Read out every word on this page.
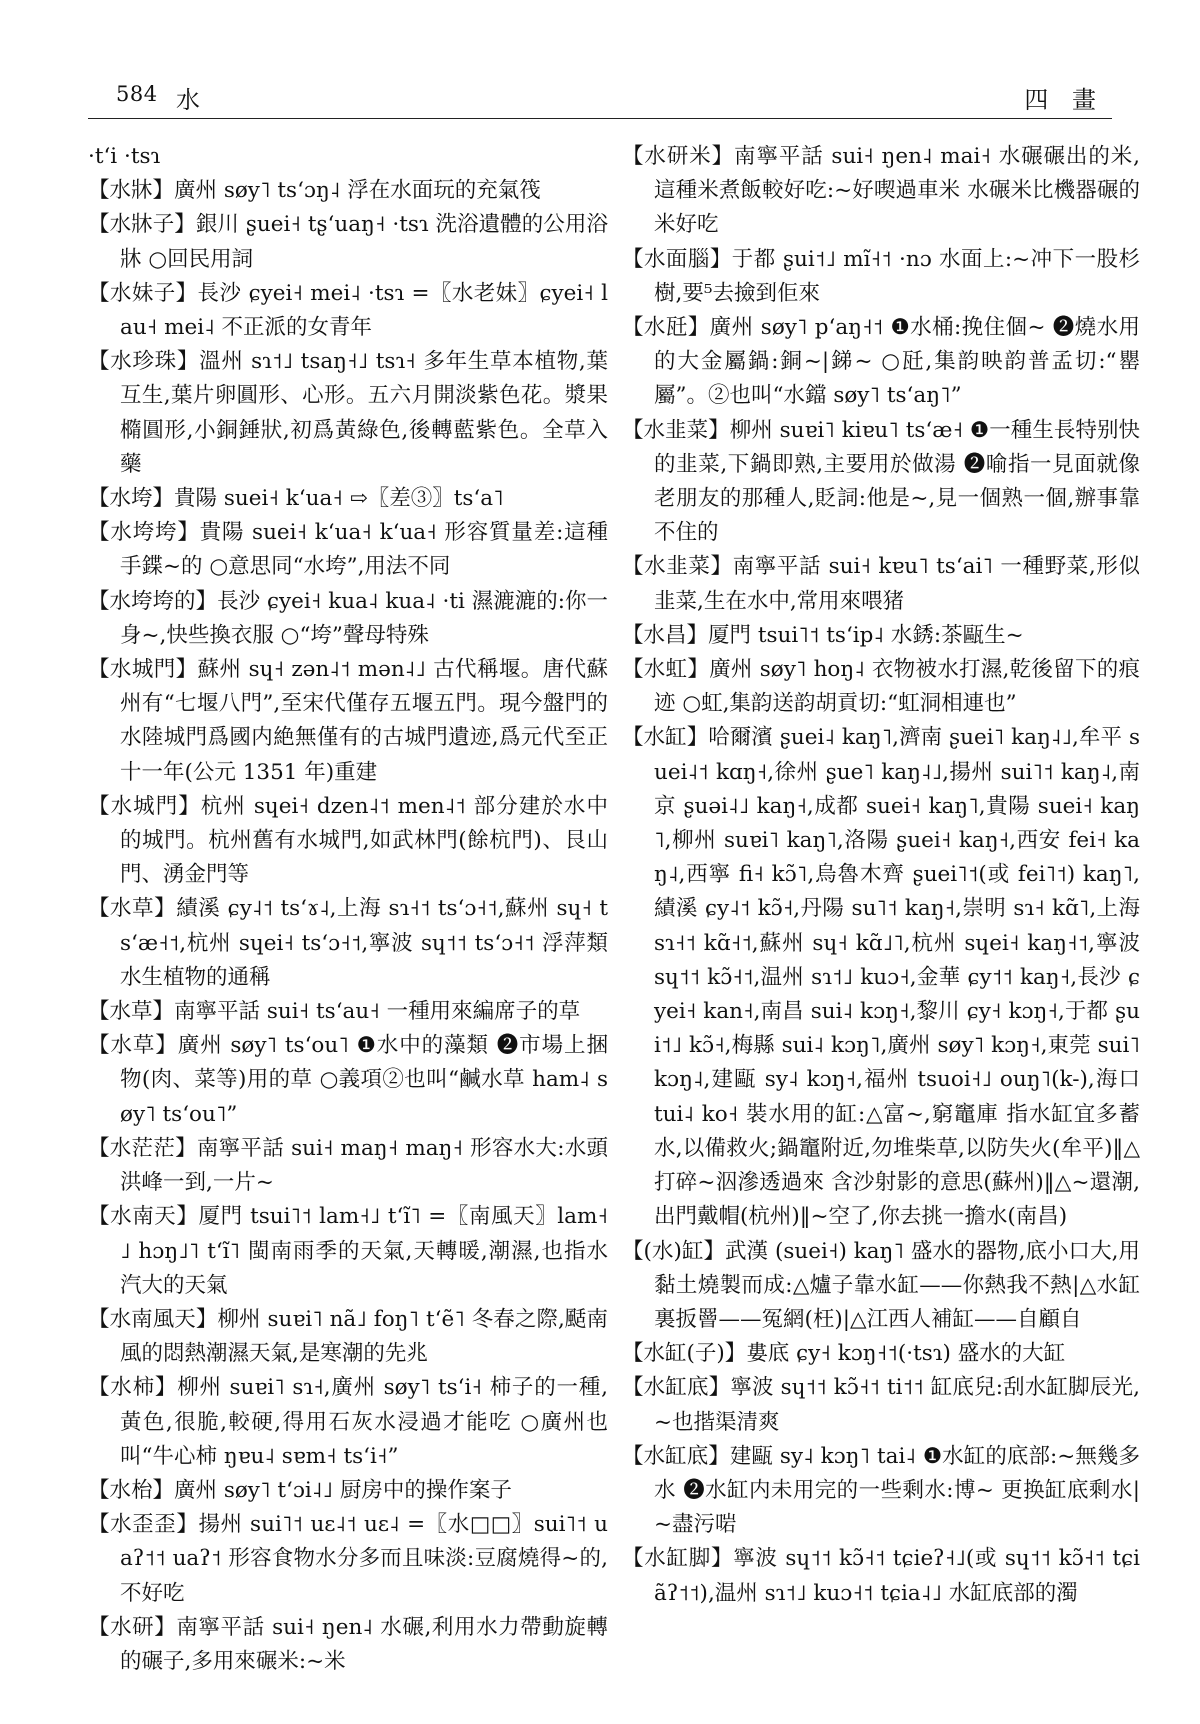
584 水	四 畫

·tʻi ·tsɿ

【水牀】廣州 søy˥ tsʻɔŋ˨ 浮在水面玩的充氣筏

【水牀子】銀川 ʂuei˧ tʂʻuaŋ˧ ·tsɿ 洗浴遺體的公用浴牀 ○回民用詞

【水妹子】長沙 ɕyei˧ mei˨ ·tsɿ =〖水老妹〗ɕyei˧ lau˧ mei˨ 不正派的女青年

【水珍珠】溫州 sɿ˦˩ tsaŋ˧˩ tsɿ˧ 多年生草本植物,葉互生,葉片卵圓形、心形。五六月開淡紫色花。漿果橢圓形,小銅錘狀,初爲黃綠色,後轉藍紫色。全草入藥

【水垮】貴陽 suei˧ kʻua˧ ⇨〖差③〗tsʻa˥

【水垮垮】貴陽 suei˧ kʻua˧ kʻua˧ 形容質量差:這種手鍱~的 ○意思同“水垮”,用法不同

【水垮垮的】長沙 ɕyei˧ kua˨ kua˨ ·ti 濕漉漉的:你一身~,快些換衣服 ○“垮”聲母特殊

【水城門】蘇州 sɥ˧ zən˨˦ mən˨˩ 古代稱堰。唐代蘇州有“七堰八門”,至宋代僅存五堰五門。現今盤門的水陸城門爲國内絶無僅有的古城門遺迹,爲元代至正十一年(公元 1351 年)重建

【水城門】杭州 sɥei˧ dzen˨˦ men˨˦ 部分建於水中的城門。杭州舊有水城門,如武林門(餘杭門)、艮山門、湧金門等

【水草】績溪 ɕy˨˦ tsʻɤ˨,上海 sɿ˧˦ tsʻɔ˧˦,蘇州 sɥ˧ tsʻæ˧˦,杭州 sɥei˧ tsʻɔ˧˦,寧波 sɥ˦˦ tsʻɔ˧˦ 浮萍類水生植物的通稱

【水草】南寧平話 sui˧ tsʻau˧ 一種用來編席子的草

【水草】廣州 søy˥ tsʻou˥ ❶水中的藻類 ❷市場上捆物(肉、菜等)用的草 ○義項②也叫“鹹水草 ham˨ søy˥ tsʻou˥”

【水茫茫】南寧平話 sui˧ maŋ˧ maŋ˧ 形容水大:水頭洪峰一到,一片~

【水南天】厦門 tsui˥˦ lam˧˩ tʻĩ˥ =〖南風天〗lam˧˩ hɔŋ˩˥ tʻĩ˥ 閩南雨季的天氣,天轉暖,潮濕,也指水汽大的天氣

【水南風天】柳州 suɐi˥ nã˩ foŋ˥ tʻẽ˥ 冬春之際,颳南風的悶熱潮濕天氣,是寒潮的先兆

【水柿】柳州 suɐi˥ sɿ˧,廣州 søy˥ tsʻi˧ 柿子的一種,黃色,很脆,較硬,得用石灰水浸過才能吃 ○廣州也叫“牛心柿 ŋɐu˨ sɐm˧ tsʻi˧”

【水枱】廣州 søy˥ tʻɔi˨˩ 厨房中的操作案子

【水歪歪】揚州 sui˥˦ uɛ˨˦ uɛ˨ =〖水□□〗sui˥˦ uaʔ˦˦ uaʔ˦ 形容食物水分多而且味淡:豆腐燒得~的,不好吃

【水研】南寧平話 sui˧ ŋen˨ 水碾,利用水力帶動旋轉的碾子,多用來碾米:~米

【水研米】南寧平話 sui˧ ŋen˨ mai˧ 水碾碾出的米,這種米煮飯較好吃:~好喫過車米 水碾米比機器碾的米好吃

【水面腦】于都 ʂui˦˩ mĩ˧˦ ·nɔ 水面上:~冲下一股杉樹,要⁵去撿到佢來

【水瓩】廣州 søy˥ pʻaŋ˧˦ ❶水桶:挽住個~ ❷燒水用的大金屬鍋:銅~|銻~ ○瓩,集韵映韵普孟切:“罌屬”。②也叫“水鐺 søy˥ tsʻaŋ˥”

【水韭菜】柳州 suɐi˥ kiɐu˥ tsʻæ˧ ❶一種生長特别快的韭菜,下鍋即熟,主要用於做湯 ❷喻指一見面就像老朋友的那種人,貶詞:他是~,見一個熟一個,辦事靠不住的

【水韭菜】南寧平話 sui˧ kɐu˥ tsʻai˥ 一種野菜,形似韭菜,生在水中,常用來喂猪

【水昌】厦門 tsui˥˦ tsʻip˨ 水銹:茶甌生~

【水虹】廣州 søy˥ hoŋ˨ 衣物被水打濕,乾後留下的痕迹 ○虹,集韵送韵胡貢切:“虹洞相連也”

【水缸】哈爾濱 ʂuei˨ kaŋ˥,濟南 ʂuei˥ kaŋ˨˩,牟平 suei˨˦ kɑŋ˧,徐州 ʂue˥ kaŋ˨˩,揚州 sui˥˦ kaŋ˨,南京 ʂuəi˨˩ kaŋ˧,成都 suei˧ kaŋ˥,貴陽 suei˧ kaŋ˥,柳州 suɐi˥ kaŋ˥,洛陽 ʂuei˧ kaŋ˧,西安 fei˧ kaŋ˨,西寧 fi˧ kɔ̃˥,烏魯木齊 ʂuei˥˦(或 fei˥˦) kaŋ˥,績溪 ɕy˨˦ kɔ̃˧,丹陽 su˥˦ kaŋ˧,崇明 sɿ˧ kɑ̃˥,上海 sɿ˧˦ kɑ̃˧˦,蘇州 sɥ˧ kɑ̃˩˥,杭州 sɥei˧ kaŋ˧˦,寧波 sɥ˦˦ kɔ̃˧˦,温州 sɿ˦˩ kuɔ˧,金華 ɕy˦˦ kaŋ˧,長沙 ɕyei˧ kan˧,南昌 sui˨ kɔŋ˧,黎川 ɕy˧ kɔŋ˧,于都 ʂui˦˩ kɔ̃˧,梅縣 sui˨ kɔŋ˥,廣州 søy˥ kɔŋ˧,東莞 sui˥ kɔŋ˨,建甌 sy˨ kɔŋ˧,福州 tsuoi˧˩ ouŋ˥(k-),海口 tui˨ ko˧ 裝水用的缸:△富~,窮竈庫 指水缸宜多蓄水,以備救火;鍋竈附近,勿堆柴草,以防失火(牟平)‖△打碎~泅滲透過來 含沙射影的意思(蘇州)‖△~還潮,出門戴帽(杭州)‖~空了,你去挑一擔水(南昌)

【(水)缸】武漢 (suei˧) kaŋ˥ 盛水的器物,底小口大,用黏土燒製而成:△爐子靠水缸——你熱我不熱|△水缸裏扳罾——冤網(枉)|△江西人補缸——自顧自

【水缸(子)】婁底 ɕy˧ kɔŋ˧˦(·tsɿ) 盛水的大缸

【水缸底】寧波 sɥ˦˦ kɔ̃˧˦ ti˦˦ 缸底兒:刮水缸脚辰光,~也揩渠清爽

【水缸底】建甌 sy˨ kɔŋ˥ tai˨ ❶水缸的底部:~無幾多水 ❷水缸内未用完的一些剩水:博~ 更换缸底剩水|~盡污啱

【水缸脚】寧波 sɥ˦˦ kɔ̃˧˦ tɕieʔ˧˩(或 sɥ˦˦ kɔ̃˧˦ tɕiãʔ˦˦),温州 sɿ˦˩ kuɔ˧˦ tɕia˨˩ 水缸底部的濁
